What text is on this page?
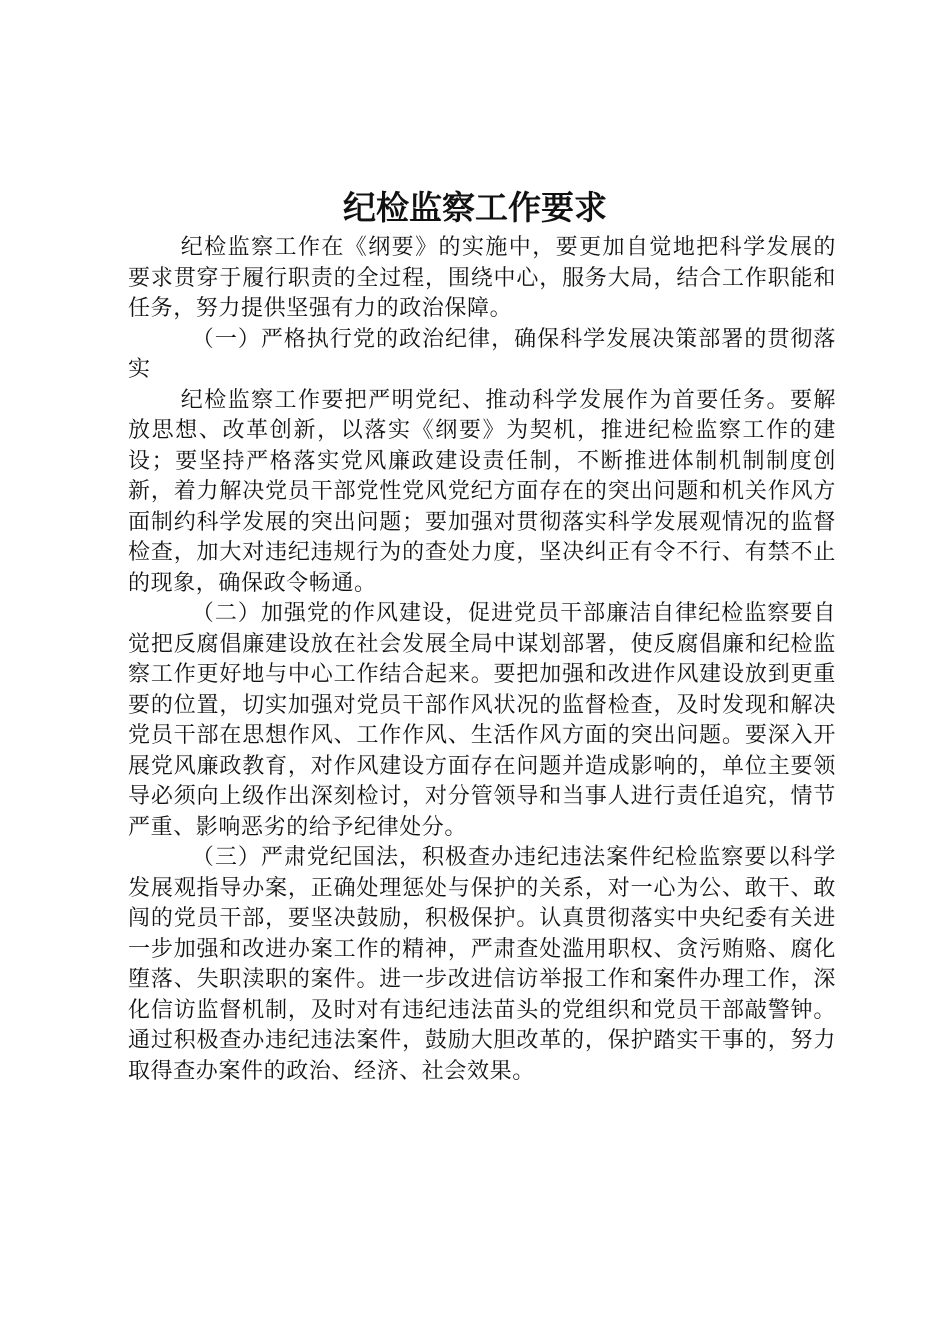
纪检监察工作要求

纪检监察工作在《纲要》的实施中，要更加自觉地把科学发展的要求贯穿于履行职责的全过程，围绕中心，服务大局，结合工作职能和任务，努力提供坚强有力的政治保障。

（一）严格执行党的政治纪律，确保科学发展决策部署的贯彻落实

纪检监察工作要把严明党纪、推动科学发展作为首要任务。要解放思想、改革创新，以落实《纲要》为契机，推进纪检监察工作的建设；要坚持严格落实党风廉政建设责任制，不断推进体制机制制度创新，着力解决党员干部党性党风党纪方面存在的突出问题和机关作风方面制约科学发展的突出问题；要加强对贯彻落实科学发展观情况的监督检查，加大对违纪违规行为的查处力度，坚决纠正有令不行、有禁不止的现象，确保政令畅通。

（二）加强党的作风建设，促进党员干部廉洁自律纪检监察要自觉把反腐倡廉建设放在社会发展全局中谋划部署，使反腐倡廉和纪检监察工作更好地与中心工作结合起来。要把加强和改进作风建设放到更重要的位置，切实加强对党员干部作风状况的监督检查，及时发现和解决党员干部在思想作风、工作作风、生活作风方面的突出问题。要深入开展党风廉政教育，对作风建设方面存在问题并造成影响的，单位主要领导必须向上级作出深刻检讨，对分管领导和当事人进行责任追究，情节严重、影响恶劣的给予纪律处分。

（三）严肃党纪国法，积极查办违纪违法案件纪检监察要以科学发展观指导办案，正确处理惩处与保护的关系，对一心为公、敢干、敢闯的党员干部，要坚决鼓励，积极保护。认真贯彻落实中央纪委有关进一步加强和改进办案工作的精神，严肃查处滥用职权、贪污贿赂、腐化堕落、失职渎职的案件。进一步改进信访举报工作和案件办理工作，深化信访监督机制，及时对有违纪违法苗头的党组织和党员干部敲警钟。通过积极查办违纪违法案件，鼓励大胆改革的，保护踏实干事的，努力取得查办案件的政治、经济、社会效果。
